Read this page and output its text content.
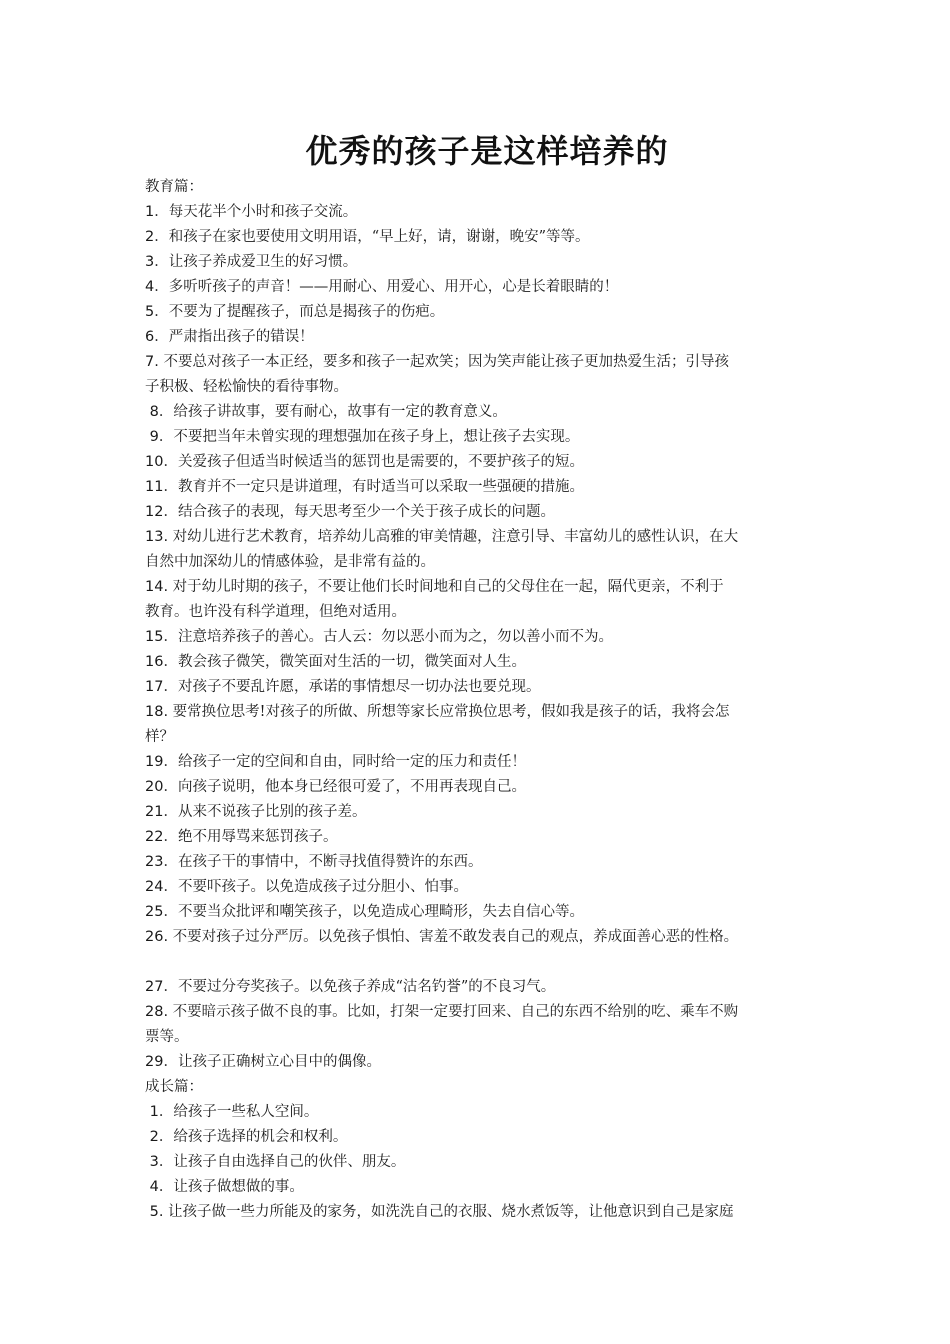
优秀的孩子是这样培养的
教育篇：
1．每天花半个小时和孩子交流。
2．和孩子在家也要使用文明用语，“早上好，请，谢谢，晚安”等等。
3．让孩子养成爱卫生的好习惯。
4．多听听孩子的声音！——用耐心、用爱心、用开心，心是长着眼睛的！
5．不要为了提醒孩子，而总是揭孩子的伤疤。
6．严肃指出孩子的错误！
7. 不要总对孩子一本正经，要多和孩子一起欢笑；因为笑声能让孩子更加热爱生活；引导孩
子积极、轻松愉快的看待事物。
8．给孩子讲故事，要有耐心，故事有一定的教育意义。
9．不要把当年未曾实现的理想强加在孩子身上，想让孩子去实现。
10．关爱孩子但适当时候适当的惩罚也是需要的，不要护孩子的短。
11．教育并不一定只是讲道理，有时适当可以采取一些强硬的措施。
12．结合孩子的表现，每天思考至少一个关于孩子成长的问题。
13. 对幼儿进行艺术教育，培养幼儿高雅的审美情趣，注意引导、丰富幼儿的感性认识，在大
自然中加深幼儿的情感体验，是非常有益的。
14. 对于幼儿时期的孩子，不要让他们长时间地和自己的父母住在一起，隔代更亲，不利于
教育。也许没有科学道理，但绝对适用。
15．注意培养孩子的善心。古人云：勿以恶小而为之，勿以善小而不为。
16．教会孩子微笑，微笑面对生活的一切，微笑面对人生。
17．对孩子不要乱许愿，承诺的事情想尽一切办法也要兑现。
18. 要常换位思考!对孩子的所做、所想等家长应常换位思考，假如我是孩子的话，我将会怎
样？
19．给孩子一定的空间和自由，同时给一定的压力和责任！
20．向孩子说明，他本身已经很可爱了，不用再表现自己。
21．从来不说孩子比别的孩子差。
22．绝不用辱骂来惩罚孩子。
23．在孩子干的事情中，不断寻找值得赞许的东西。
24．不要吓孩子。以免造成孩子过分胆小、怕事。
25．不要当众批评和嘲笑孩子，以免造成心理畸形，失去自信心等。
26. 不要对孩子过分严厉。以免孩子惧怕、害羞不敢发表自己的观点，养成面善心恶的性格。
27．不要过分夸奖孩子。以免孩子养成“沽名钓誉”的不良习气。
28. 不要暗示孩子做不良的事。比如，打架一定要打回来、自己的东西不给别的吃、乘车不购
票等。
29．让孩子正确树立心目中的偶像。
成长篇：
1．给孩子一些私人空间。
2．给孩子选择的机会和权利。
3．让孩子自由选择自己的伙伴、朋友。
4．让孩子做想做的事。
5. 让孩子做一些力所能及的家务，如洗洗自己的衣服、烧水煮饭等，让他意识到自己是家庭
